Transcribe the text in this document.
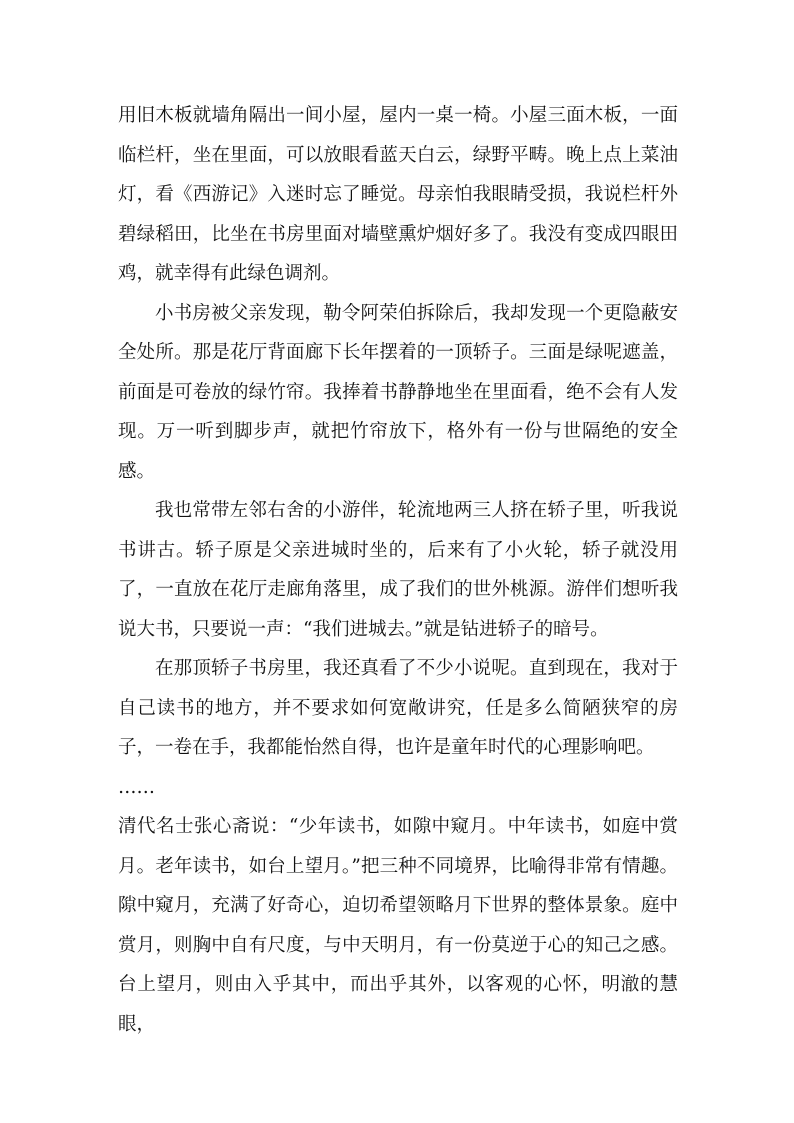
用旧木板就墙角隔出一间小屋，屋内一桌一椅。小屋三面木板，一面临栏杆，坐在里面，可以放眼看蓝天白云，绿野平畴。晚上点上菜油灯，看《西游记》入迷时忘了睡觉。母亲怕我眼睛受损，我说栏杆外碧绿稻田，比坐在书房里面对墙壁熏炉烟好多了。我没有变成四眼田鸡，就幸得有此绿色调剂。

小书房被父亲发现，勒令阿荣伯拆除后，我却发现一个更隐蔽安全处所。那是花厅背面廊下长年摆着的一顶轿子。三面是绿呢遮盖，前面是可卷放的绿竹帘。我捧着书静静地坐在里面看，绝不会有人发现。万一听到脚步声，就把竹帘放下，格外有一份与世隔绝的安全感。

我也常带左邻右舍的小游伴，轮流地两三人挤在轿子里，听我说书讲古。轿子原是父亲进城时坐的，后来有了小火轮，轿子就没用了，一直放在花厅走廊角落里，成了我们的世外桃源。游伴们想听我说大书，只要说一声：“我们进城去。”就是钻进轿子的暗号。

在那顶轿子书房里，我还真看了不少小说呢。直到现在，我对于自己读书的地方，并不要求如何宽敞讲究，任是多么简陋狭窄的房子，一卷在手，我都能怡然自得，也许是童年时代的心理影响吧。

……

清代名士张心斋说：“少年读书，如隙中窥月。中年读书，如庭中赏月。老年读书，如台上望月。”把三种不同境界，比喻得非常有情趣。隙中窥月，充满了好奇心，迫切希望领略月下世界的整体景象。庭中赏月，则胸中自有尺度，与中天明月，有一份莫逆于心的知己之感。台上望月，则由入乎其中，而出乎其外，以客观的心怀，明澈的慧眼，
